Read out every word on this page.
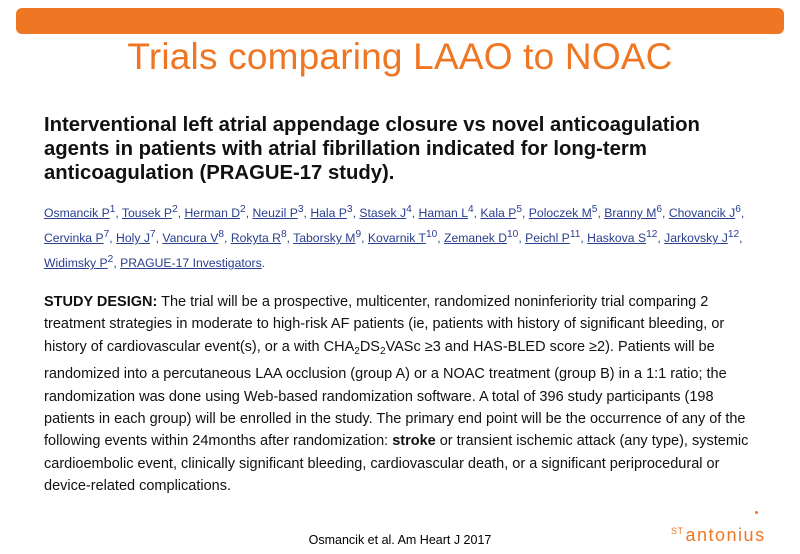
Trials comparing LAAO to NOAC
Interventional left atrial appendage closure vs novel anticoagulation agents in patients with atrial fibrillation indicated for long-term anticoagulation (PRAGUE-17 study).
Osmancik $P^1$, Tousek $P^2$, Herman $D^2$, Neuzil $P^3$, Hala $P^3$, Stasek $J^4$, Haman $L^4$, Kala $P^5$, Poloczek $M^5$, Branny $M^6$, Chovancik $J^6$, Cervinka $P^7$, Holy $J^7$, Vancura $V^8$, Rokyta $R^8$, Taborsky $M^9$, Kovarnik $T^{10}$, Zemanek $D^{10}$, Peichl $P^{11}$, Haskova $S^{12}$, Jarkovsky $J^{12}$, Widimsky $P^2$, PRAGUE-17 Investigators.
STUDY DESIGN: The trial will be a prospective, multicenter, randomized noninferiority trial comparing 2 treatment strategies in moderate to high-risk AF patients (ie, patients with history of significant bleeding, or history of cardiovascular event(s), or a with $CHA_2DS_2VASc \ge 3$ and HAS-BLED score ≥2). Patients will be randomized into a percutaneous LAA occlusion (group A) or a NOAC treatment (group B) in a 1:1 ratio; the randomization was done using Web-based randomization software. A total of 396 study participants (198 patients in each group) will be enrolled in the study. The primary end point will be the occurrence of any of the following events within 24months after randomization: stroke or transient ischemic attack (any type), systemic cardioembolic event, clinically significant bleeding, cardiovascular death, or a significant periprocedural or device-related complications.
Osmancik et al. Am Heart J 2017
$^{ST}$ antonius
